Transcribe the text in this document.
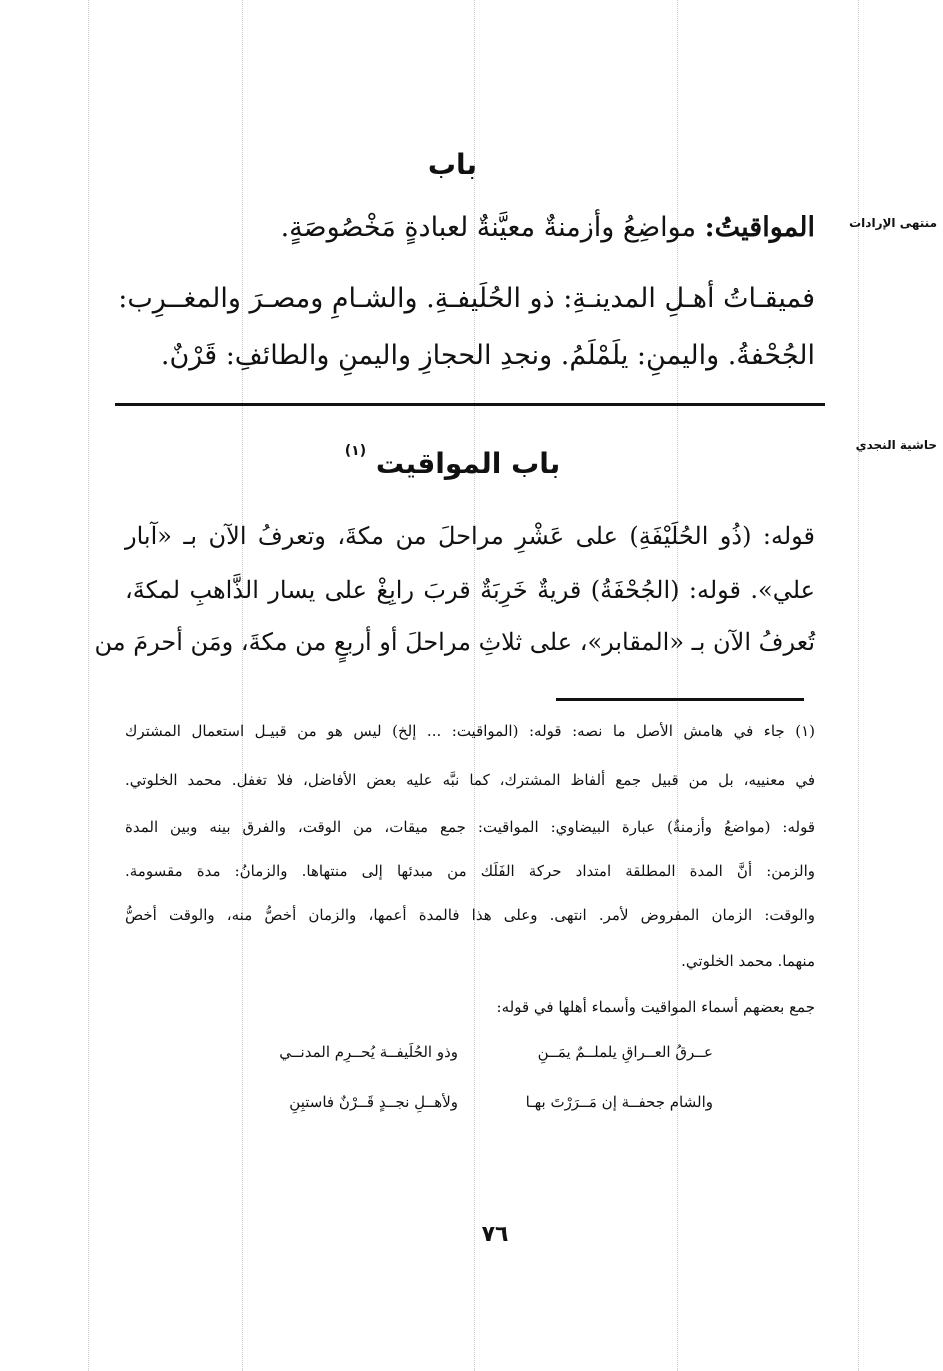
منتهى الإرادات
حاشية النجدي
باب
المواقيتُ: مواضِعُ وأزمنةٌ معيَّنةٌ لعبادةٍ مَخْصُوصَةٍ.
فميقـاتُ أهـلِ المدينـةِ: ذو الحُلَيفـةِ. والشـامِ ومصـرَ والمغــرِب:
الجُحْفةُ. واليمنِ: يلَمْلَمُ. ونجدِ الحجازِ واليمنِ والطائفِ: قَرْنٌ.
باب المواقيت $^{(١)}$
قوله: (ذُو الحُلَيْفَةِ) على عَشْرِ مراحلَ من مكةَ، وتعرفُ الآن بـ «آبار
علي». قوله: (الجُحْفَةُ) قريةٌ خَرِبَةٌ قربَ رابِغْ على يسار الذَّاهبِ لمكةَ،
تُعرفُ الآن بـ «المقابر»، على ثلاثِ مراحلَ أو أربعٍ من مكةَ، ومَن أحرمَ من
(١) جاء في هامش الأصل ما نصه: قوله: (المواقيت: ... إلخ) ليس هو من قبيـل استعمال المشترك
في معنييه، بل من قبيل جمع ألفاظ المشترك، كما نبَّه عليه بعض الأفاضل، فلا تغفل. محمد الخلوتي.
قوله: (مواضعُ وأزمنةٌ) عبارة البيضاوي: المواقيت: جمع ميقات، من الوقت، والفرق بينه وبين المدة
والزمن: أنَّ المدة المطلقة امتداد حركة الفَلَك من مبدئها إلى منتهاها. والزمانُ: مدة مقسومة.
والوقت: الزمان المفروض لأمر. انتهى. وعلى هذا فالمدة أعمها، والزمان أخصُّ منه، والوقت أخصُّ
منهما. محمد الخلوتي.
جمع بعضهم أسماء المواقيت وأسماء أهلها في قوله:
عــرقُ العــراقِ يلملــمٌ يمَــنِ
وذو الحُلَيفــة يُحــرِم المدنــي
والشام جحفــة إن مَــرَرْتَ بهـا
ولأهــلِ نجــدٍ قَــرْنٌ فاستبِنِ
٧٦
